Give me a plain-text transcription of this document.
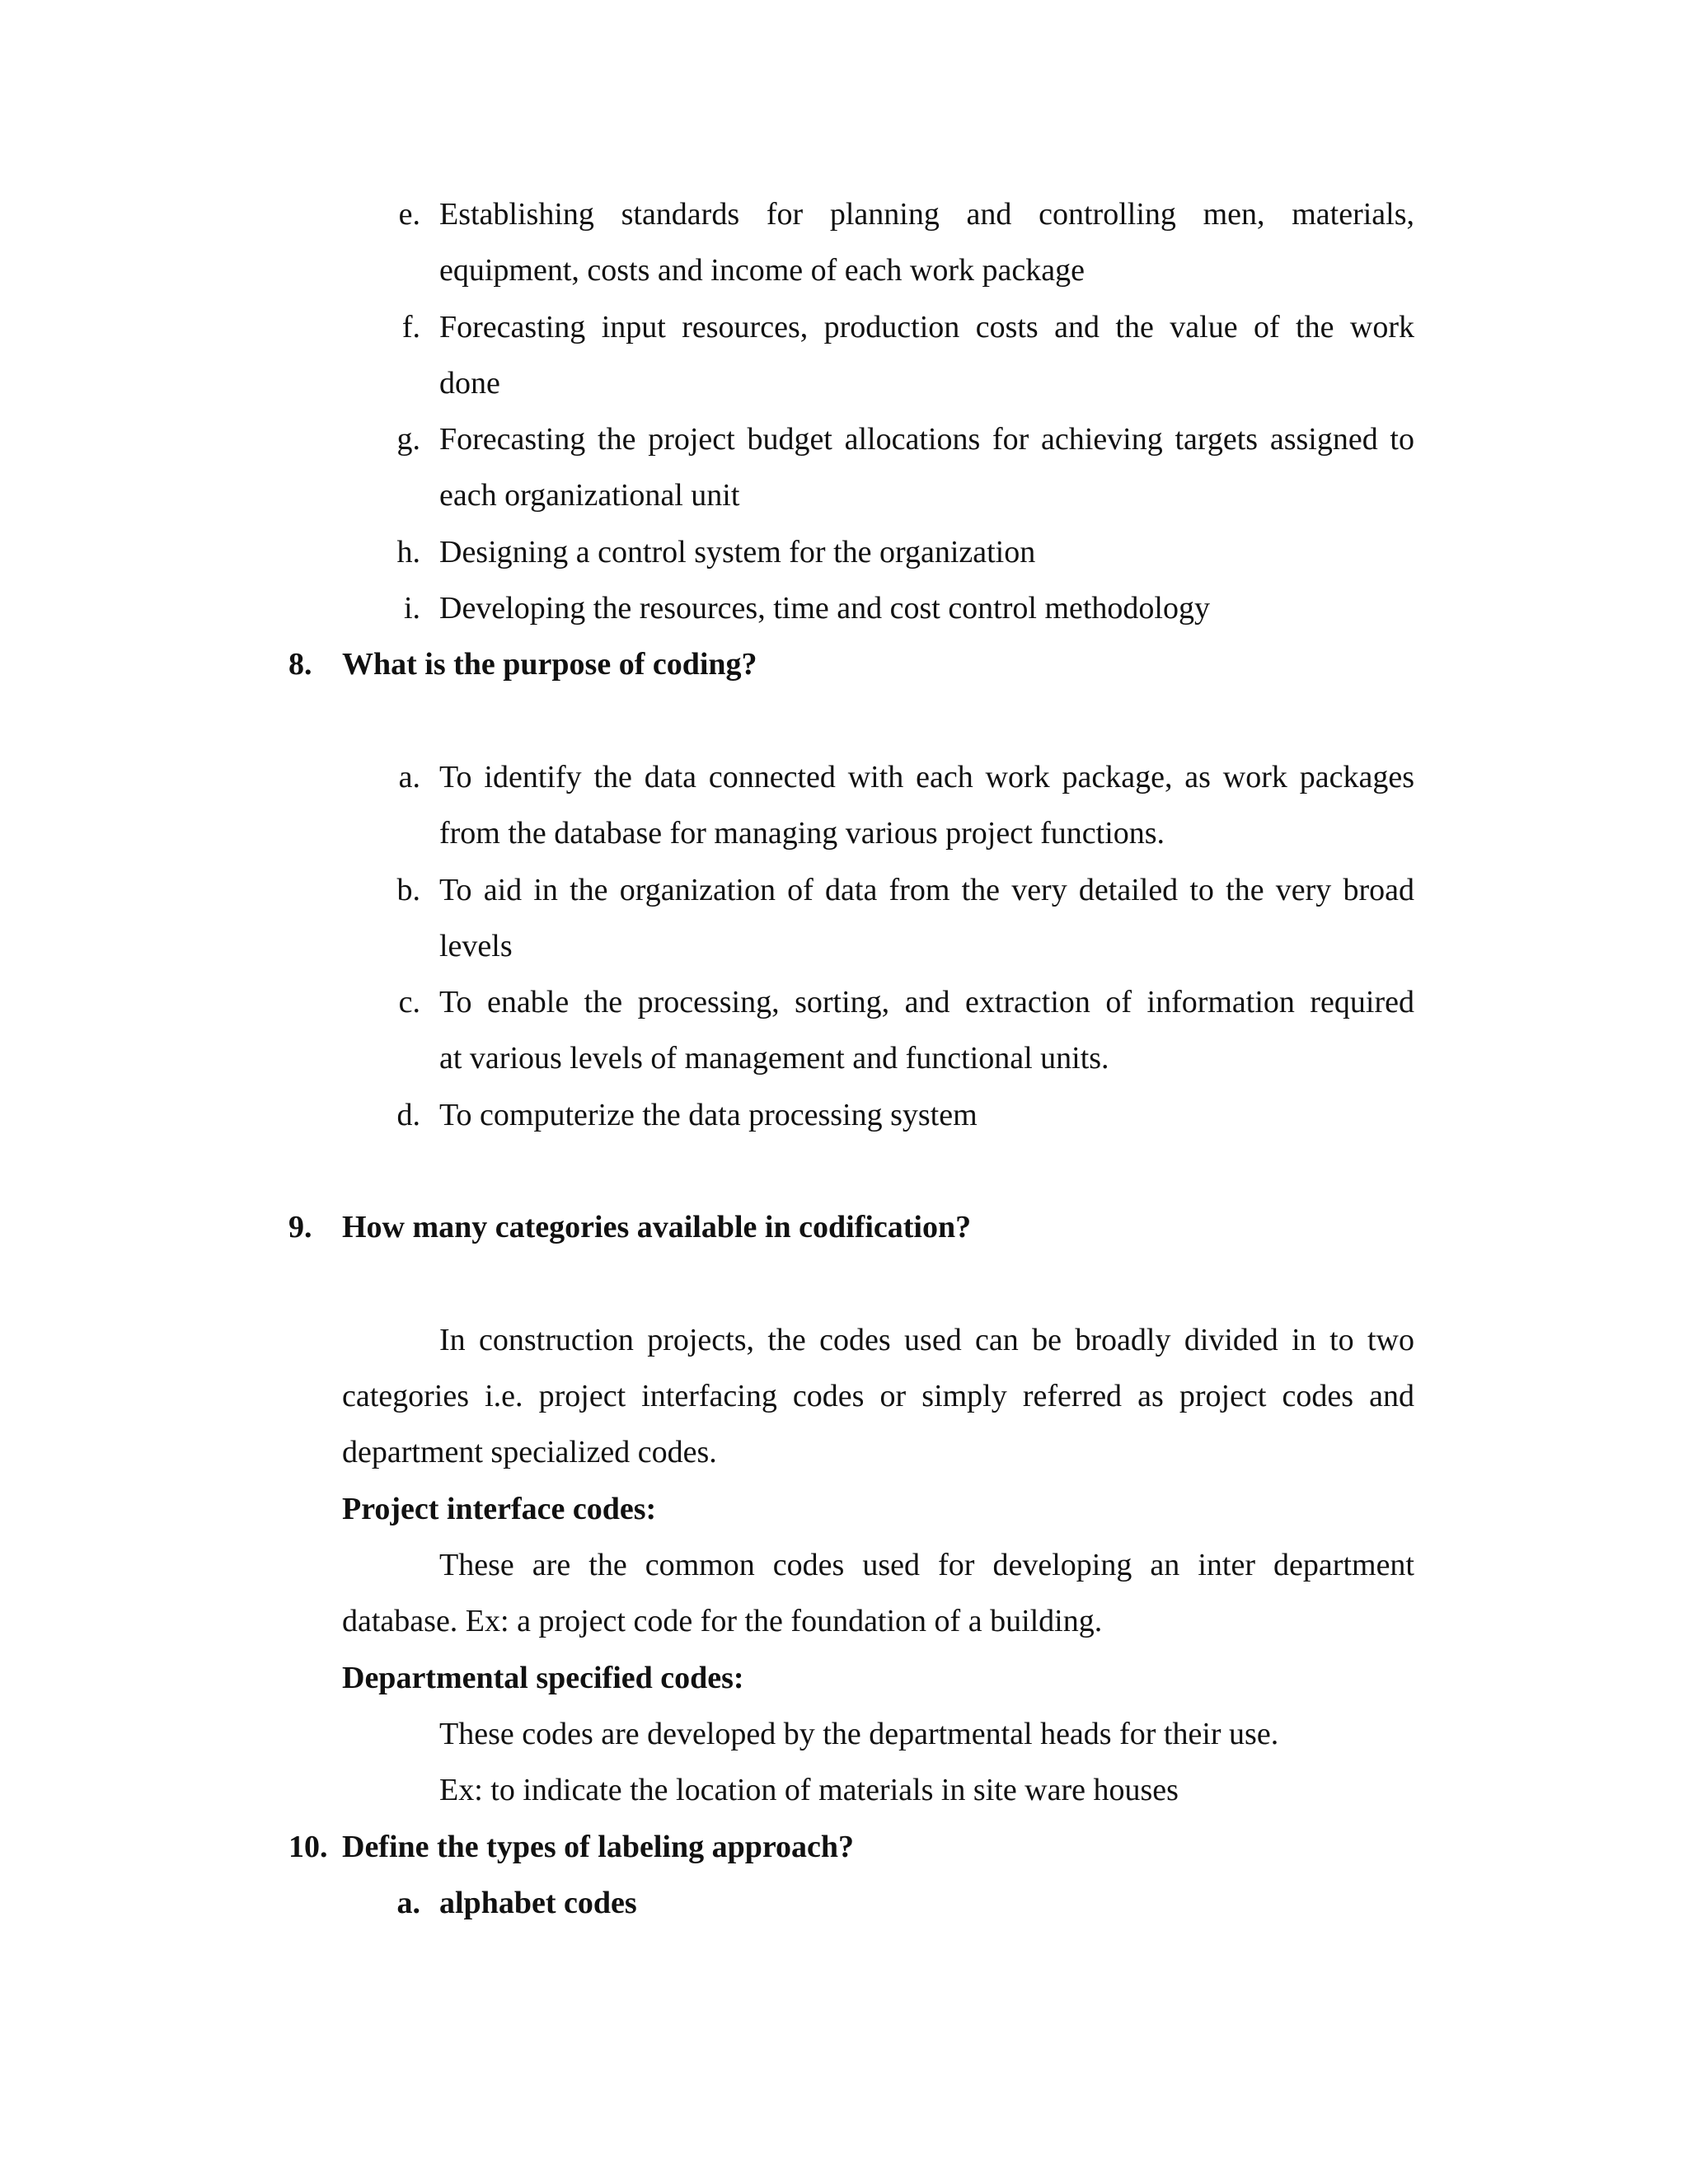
e. Establishing standards for planning and controlling men, materials,
equipment, costs and income of each work package
f. Forecasting input resources, production costs and the value of the work
done
g. Forecasting the project budget allocations for achieving targets assigned to
each organizational unit
h. Designing a control system for the organization
i. Developing the resources, time and cost control methodology
8. What is the purpose of coding?
a. To identify the data connected with each work package, as work packages
from the database for managing various project functions.
b. To aid in the organization of data from the very detailed to the very broad
levels
c. To enable the processing, sorting, and extraction of information required
at various levels of management and functional units.
d. To computerize the data processing system
9. How many categories available in codification?
In construction projects, the codes used can be broadly divided in to two
categories i.e. project interfacing codes or simply referred as project codes and
department specialized codes.
Project interface codes:
These are the common codes used for developing an inter department
database. Ex: a project code for the foundation of a building.
Departmental specified codes:
These codes are developed by the departmental heads for their use.
Ex: to indicate the location of materials in site ware houses
10. Define the types of labeling approach?
a. alphabet codes
